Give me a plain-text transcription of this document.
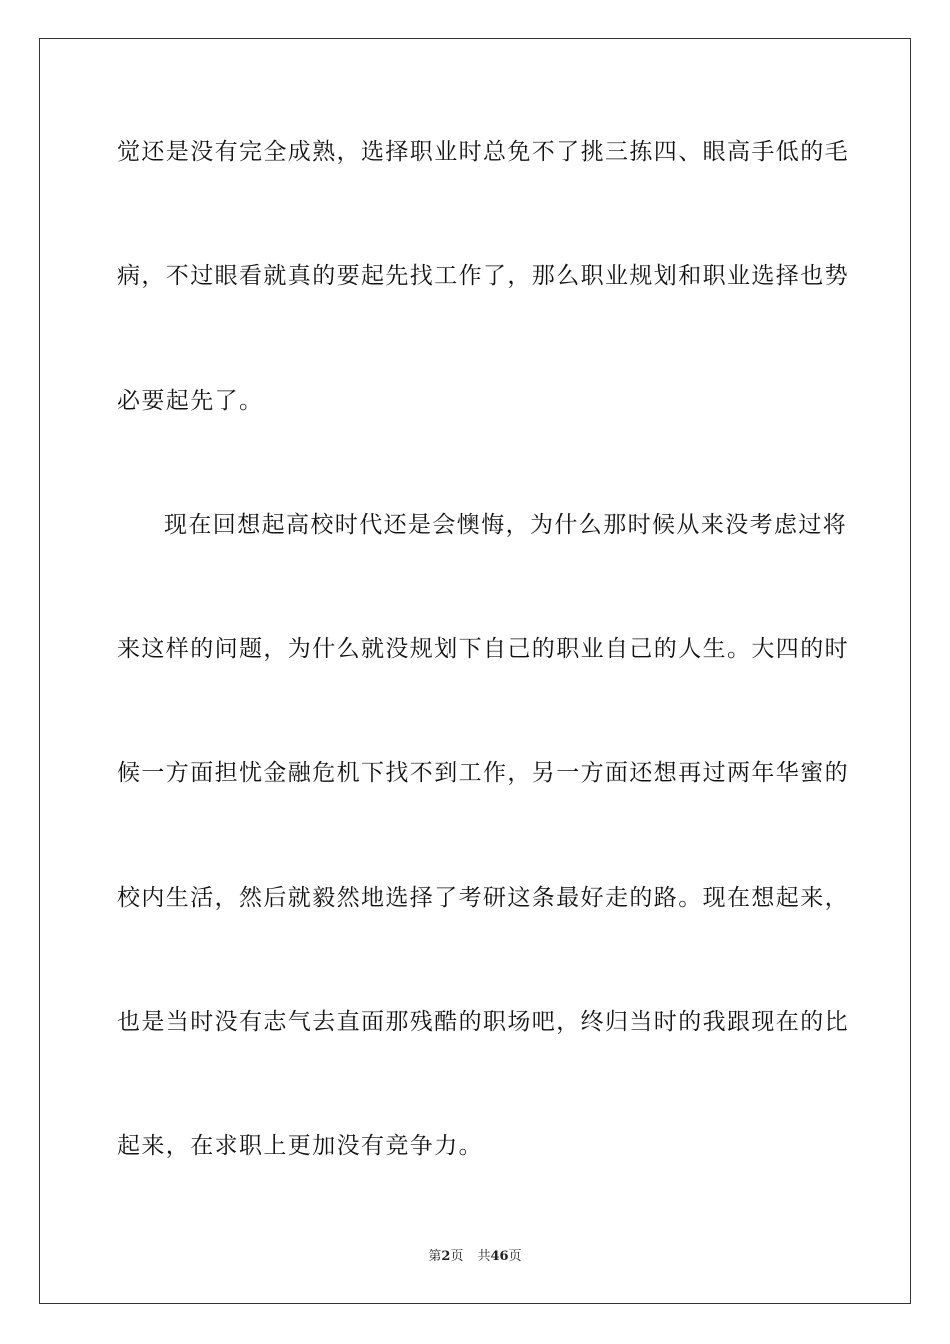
觉还是没有完全成熟，选择职业时总免不了挑三拣四、眼高手低的毛
病，不过眼看就真的要起先找工作了，那么职业规划和职业选择也势
必要起先了。
现在回想起高校时代还是会懊悔，为什么那时候从来没考虑过将
来这样的问题，为什么就没规划下自己的职业自己的人生。大四的时
候一方面担忧金融危机下找不到工作，另一方面还想再过两年华蜜的
校内生活，然后就毅然地选择了考研这条最好走的路。现在想起来，
也是当时没有志气去直面那残酷的职场吧，终归当时的我跟现在的比
起来，在求职上更加没有竞争力。
第2页 共46页
